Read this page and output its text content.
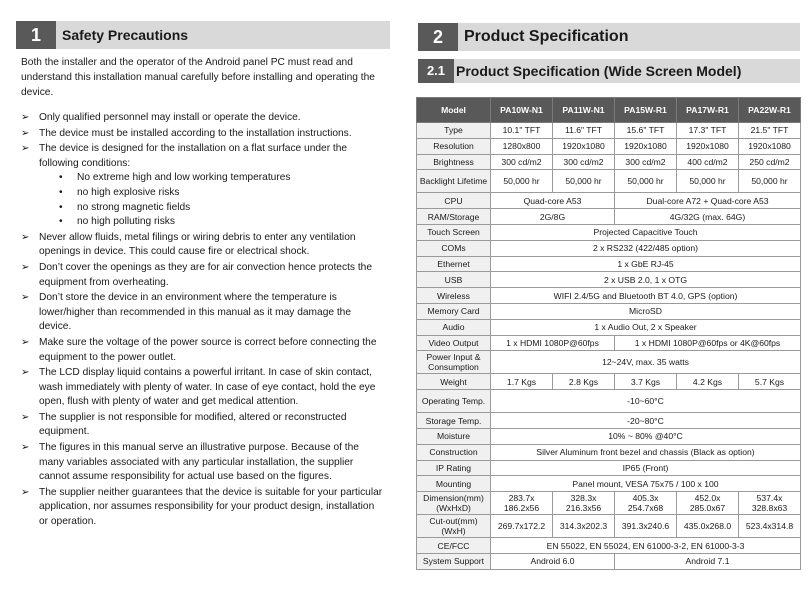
1	Safety Precautions

Both the installer and the operator of the Android panel PC must read and understand this installation manual carefully before installing and operating the device.

➢ Only qualified personnel may install or operate the device.
➢ The device must be installed according to the installation instructions.
➢ The device is designed for the installation on a flat surface under the following conditions:
• No extreme high and low working temperatures
• no high explosive risks
• no strong magnetic fields
• no high polluting risks
➢ Never allow fluids, metal filings or wiring debris to enter any ventilation openings in device. This could cause fire or electrical shock.
➢ Don’t cover the openings as they are for air convection hence protects the equipment from overheating.
➢ Don’t store the device in an environment where the temperature is lower/higher than recommended in this manual as it may damage the device.
➢ Make sure the voltage of the power source is correct before connecting the equipment to the power outlet.
➢ The LCD display liquid contains a powerful irritant. In case of skin contact, wash immediately with plenty of water. In case of eye contact, hold the eye open, flush with plenty of water and get medical attention.
➢ The supplier is not responsible for modified, altered or reconstructed equipment.
➢ The figures in this manual serve an illustrative purpose. Because of the many variables associated with any particular installation, the supplier cannot assume responsibility for actual use based on the figures.
➢ The supplier neither guarantees that the device is suitable for your particular application, nor assumes responsibility for your product design, installation or operation.
2	Product Specification
2.1 Product Specification (Wide Screen Model)
Model	PA10W-N1	PA11W-N1	PA15W-R1	PA17W-R1	PA22W-R1
Type	10.1" TFT	11.6" TFT	15.6" TFT	17.3" TFT	21.5" TFT
Resolution	1280x800	1920x1080	1920x1080	1920x1080	1920x1080
Brightness	300 cd/m2	300 cd/m2	300 cd/m2	400 cd/m2	250 cd/m2
Backlight Lifetime	50,000 hr	50,000 hr	50,000 hr	50,000 hr	50,000 hr
CPU	Quad-core A53		Dual-core A72 + Quad-core A53		
RAM/Storage	2G/8G		4G/32G (max. 64G)		
Touch Screen	Projected Capacitive Touch				
COMs	2 x RS232 (422/485 option)				
Ethernet	1 x GbE RJ-45				
USB	2 x USB 2.0, 1 x OTG				
Wireless	WIFI 2.4/5G and Bluetooth BT 4.0, GPS (option)				
Memory Card	MicroSD				
Audio	1 x Audio Out, 2 x Speaker				
Video Output	1 x HDMI 1080P@60fps		1 x HDMI 1080P@60fps or 4K@60fps		
Power Input & Consumption	12~24V, max. 35 watts				
Weight	1.7 Kgs	2.8 Kgs	3.7 Kgs	4.2 Kgs	5.7 Kgs
Operating Temp.	-10~60°C				
Storage Temp.	-20~80°C				
Moisture	10% ~ 80% @40°C				
Construction	Silver Aluminum front bezel and chassis (Black as option)				
IP Rating	IP65 (Front)				
Mounting	Panel mount, VESA 75x75 / 100 x 100				
Dimension(mm) (WxHxD)	283.7x 186.2x56	328.3x 216.3x56	405.3x 254.7x68	452.0x 285.0x67	537.4x 328.8x63
Cut-out(mm) (WxH)	269.7x172.2	314.3x202.3	391.3x240.6	435.0x268.0	523.4x314.8
CE/FCC	EN 55022, EN 55024, EN 61000-3-2, EN 61000-3-3				
System Support	Android 6.0		Android 7.1		
